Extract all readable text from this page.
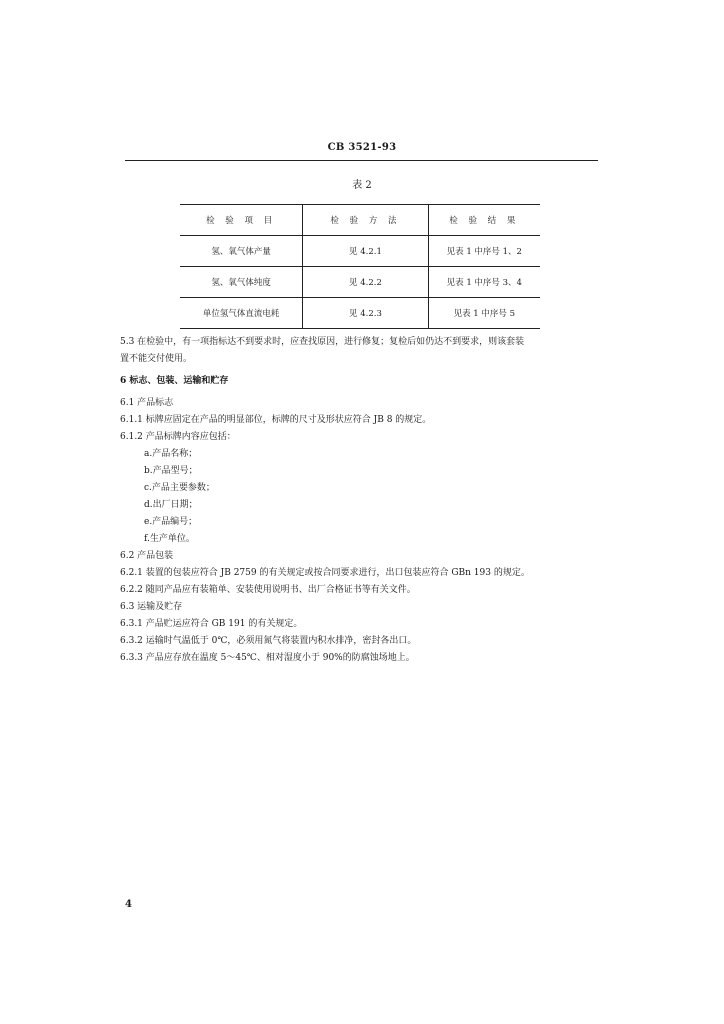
CB 3521-93
表 2
检 验 项 目	检 验 方 法	检 验 结 果
氢、氧气体产量	见 4.2.1	见表 1 中序号 1、2
氢、氧气体纯度	见 4.2.2	见表 1 中序号 3、4
单位氢气体直流电耗	见 4.2.3	见表 1 中序号 5

5.3 在检验中，有一项指标达不到要求时，应查找原因，进行修复；复检后如仍达不到要求，则该套装

置不能交付使用。

6 标志、包装、运输和贮存

6.1 产品标志

6.1.1 标牌应固定在产品的明显部位，标牌的尺寸及形状应符合 JB 8 的规定。

6.1.2 产品标牌内容应包括：

a.产品名称；

b.产品型号；

c.产品主要参数；

d.出厂日期；

e.产品编号；

f.生产单位。

6.2 产品包装

6.2.1 装置的包装应符合 JB 2759 的有关规定或按合同要求进行，出口包装应符合 GBn 193 的规定。

6.2.2 随同产品应有装箱单、安装使用说明书、出厂合格证书等有关文件。

6.3 运输及贮存

6.3.1 产品贮运应符合 GB 191 的有关规定。

6.3.2 运输时气温低于 0℃，必须用氮气将装置内积水排净，密封各出口。

6.3.3 产品应存放在温度 5～45℃、相对湿度小于 90%的防腐蚀场地上。

4
